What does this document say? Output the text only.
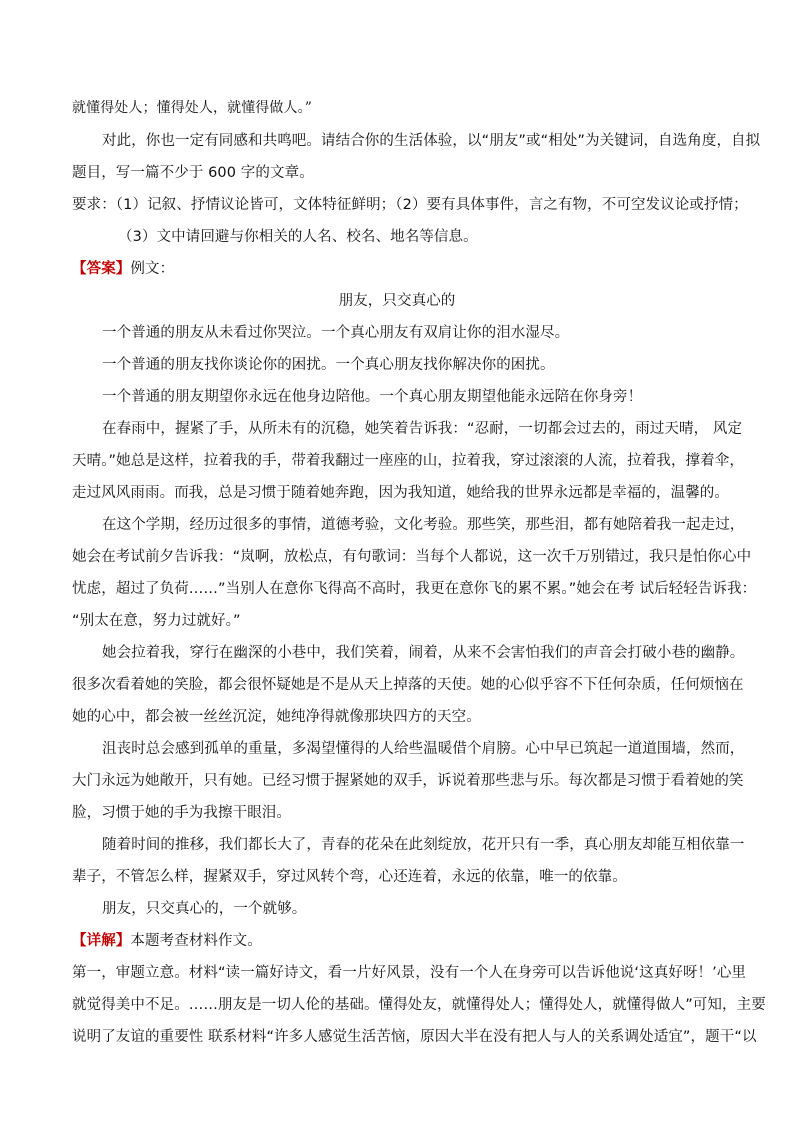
就懂得处人；懂得处人，就懂得做人。”
对此，你也一定有同感和共鸣吧。请结合你的生活体验，以“朋友”或“相处”为关键词，自选角度，自拟
题目，写一篇不少于 600 字的文章。
要求：（1）记叙、抒情议论皆可，文体特征鲜明；（2）要有具体事件，言之有物，不可空发议论或抒情；
（3）文中请回避与你相关的人名、校名、地名等信息。
【答案】例文：
朋友，只交真心的
一个普通的朋友从未看过你哭泣。一个真心朋友有双肩让你的泪水湿尽。
一个普通的朋友找你谈论你的困扰。一个真心朋友找你解决你的困扰。
一个普通的朋友期望你永远在他身边陪他。一个真心朋友期望他能永远陪在你身旁！
在春雨中，握紧了手，从所未有的沉稳，她笑着告诉我：“忍耐，一切都会过去的，雨过天晴， 风定
天晴。”她总是这样，拉着我的手，带着我翻过一座座的山，拉着我，穿过滚滚的人流，拉着我，撑着伞，
走过风风雨雨。而我，总是习惯于随着她奔跑，因为我知道，她给我的世界永远都是幸福的，温馨的。
在这个学期，经历过很多的事情，道德考验，文化考验。那些笑，那些泪，都有她陪着我一起走过，
她会在考试前夕告诉我：“岚啊，放松点，有句歌词：当每个人都说，这一次千万别错过，我只是怕你心中
忧虑，超过了负荷……”当别人在意你飞得高不高时，我更在意你飞的累不累。”她会在考 试后轻轻告诉我：
“别太在意，努力过就好。”
她会拉着我，穿行在幽深的小巷中，我们笑着，闹着，从来不会害怕我们的声音会打破小巷的幽静。
很多次看着她的笑脸，都会很怀疑她是不是从天上掉落的天使。她的心似乎容不下任何杂质，任何烦恼在
她的心中，都会被一丝丝沉淀，她纯净得就像那块四方的天空。
沮丧时总会感到孤单的重量，多渴望懂得的人给些温暖借个肩膀。心中早已筑起一道道围墙，然而，
大门永远为她敞开，只有她。已经习惯于握紧她的双手，诉说着那些悲与乐。每次都是习惯于看着她的笑
脸，习惯于她的手为我擦干眼泪。
随着时间的推移，我们都长大了，青春的花朵在此刻绽放，花开只有一季，真心朋友却能互相依靠一
辈子，不管怎么样，握紧双手，穿过风转个弯，心还连着，永远的依靠，唯一的依靠。
朋友，只交真心的，一个就够。
【详解】本题考查材料作文。
第一，审题立意。材料“读一篇好诗文，看一片好风景，没有一个人在身旁可以告诉他说‘这真好呀！’心里
就觉得美中不足。……朋友是一切人伦的基础。懂得处友，就懂得处人；懂得处人，就懂得做人”可知，主要
说明了友谊的重要性 联系材料“许多人感觉生活苦恼，原因大半在没有把人与人的关系调处适宜”，题干“以
